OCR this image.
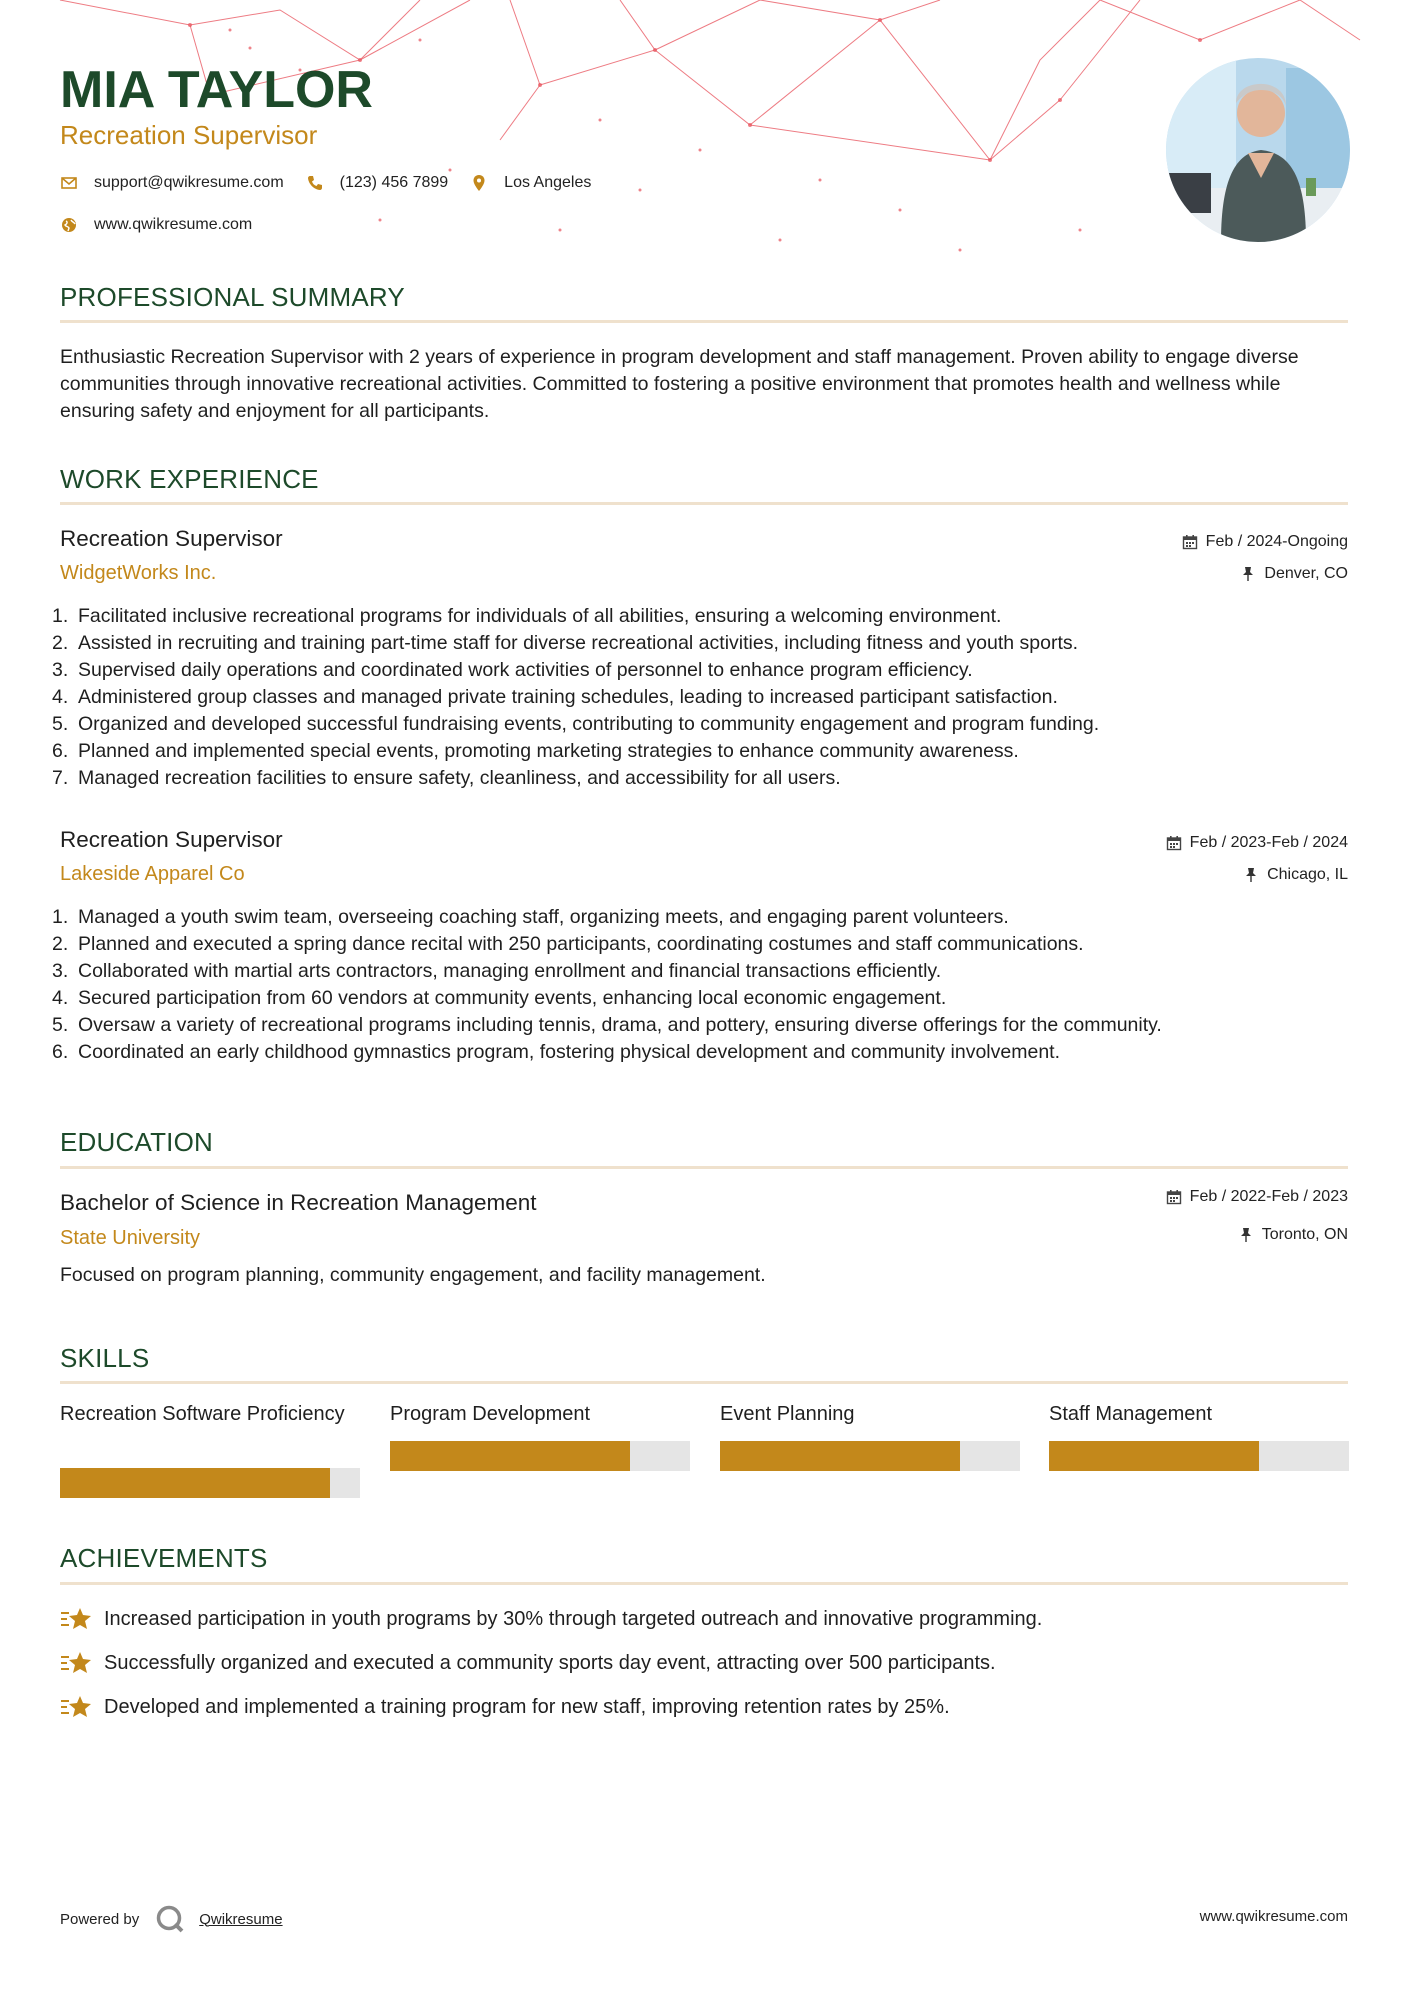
MIA TAYLOR
Recreation Supervisor
support@qwikresume.com	(123) 456 7899	Los Angeles
www.qwikresume.com
PROFESSIONAL SUMMARY
Enthusiastic Recreation Supervisor with 2 years of experience in program development and staff management. Proven ability to engage diverse communities through innovative recreational activities. Committed to fostering a positive environment that promotes health and wellness while ensuring safety and enjoyment for all participants.
WORK EXPERIENCE
Recreation Supervisor
WidgetWorks Inc.
Feb / 2024-Ongoing
Denver, CO
1. Facilitated inclusive recreational programs for individuals of all abilities, ensuring a welcoming environment.
2. Assisted in recruiting and training part-time staff for diverse recreational activities, including fitness and youth sports.
3. Supervised daily operations and coordinated work activities of personnel to enhance program efficiency.
4. Administered group classes and managed private training schedules, leading to increased participant satisfaction.
5. Organized and developed successful fundraising events, contributing to community engagement and program funding.
6. Planned and implemented special events, promoting marketing strategies to enhance community awareness.
7. Managed recreation facilities to ensure safety, cleanliness, and accessibility for all users.
Recreation Supervisor
Lakeside Apparel Co
Feb / 2023-Feb / 2024
Chicago, IL
1. Managed a youth swim team, overseeing coaching staff, organizing meets, and engaging parent volunteers.
2. Planned and executed a spring dance recital with 250 participants, coordinating costumes and staff communications.
3. Collaborated with martial arts contractors, managing enrollment and financial transactions efficiently.
4. Secured participation from 60 vendors at community events, enhancing local economic engagement.
5. Oversaw a variety of recreational programs including tennis, drama, and pottery, ensuring diverse offerings for the community.
6. Coordinated an early childhood gymnastics program, fostering physical development and community involvement.
EDUCATION
Bachelor of Science in Recreation Management
State University
Feb / 2022-Feb / 2023
Toronto, ON
Focused on program planning, community engagement, and facility management.
SKILLS
Recreation Software Proficiency	Program Development	Event Planning	Staff Management
ACHIEVEMENTS
Increased participation in youth programs by 30% through targeted outreach and innovative programming.
Successfully organized and executed a community sports day event, attracting over 500 participants.
Developed and implemented a training program for new staff, improving retention rates by 25%.
Powered by	Qwikresume	www.qwikresume.com
